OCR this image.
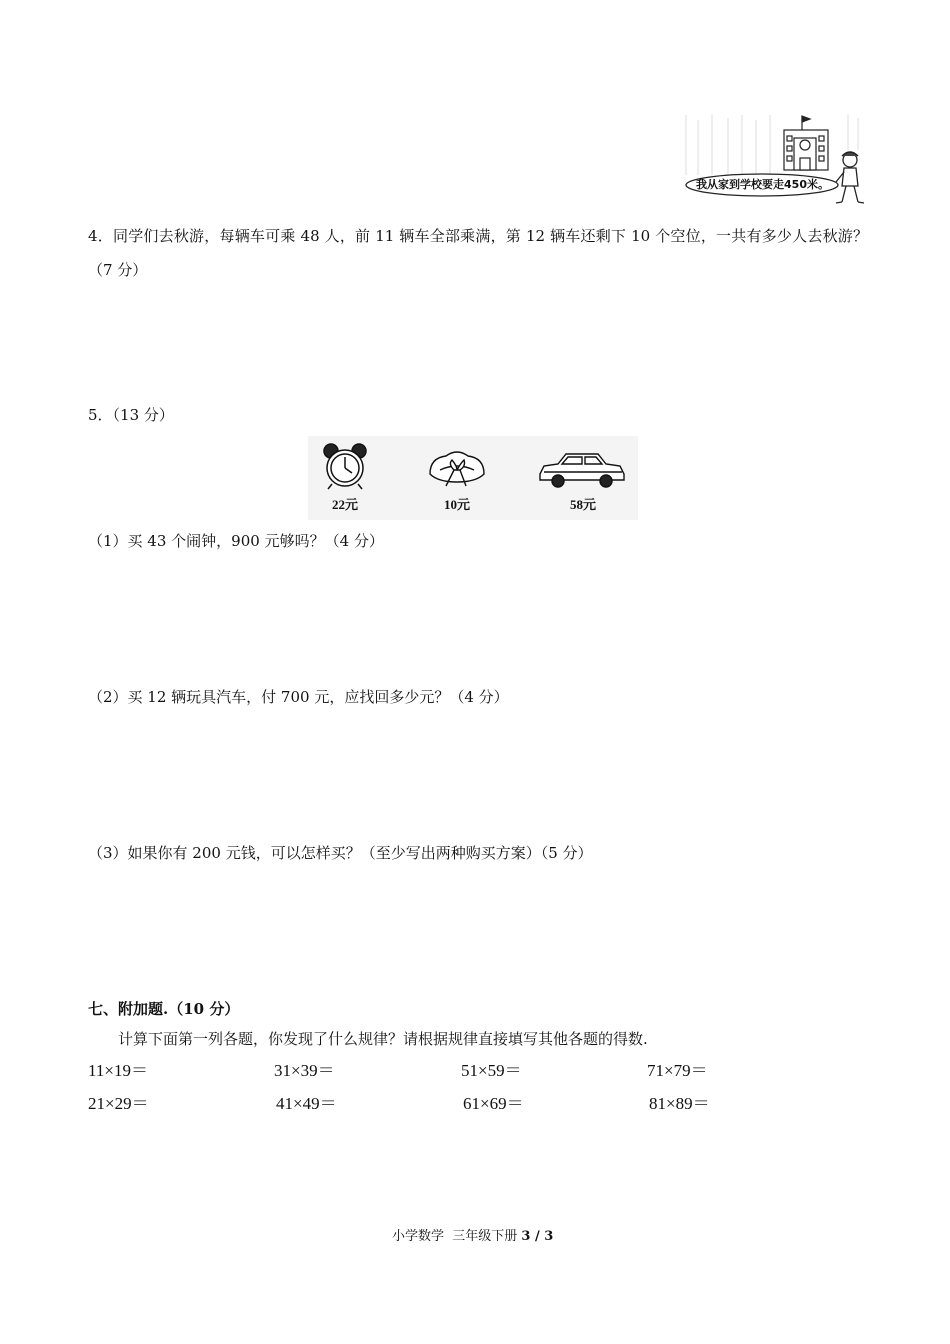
我从家到学校要走450米。
4．同学们去秋游，每辆车可乘 48 人，前 11 辆车全部乘满，第 12 辆车还剩下 10 个空位，一共有多少人去秋游？（7 分）
5．（13 分）
22元	10元	58元
（1）买 43 个闹钟，900 元够吗？（4 分）
（2）买 12 辆玩具汽车，付 700 元，应找回多少元？（4 分）
（3）如果你有 200 元钱，可以怎样买？（至少写出两种购买方案）（5 分）
七、附加题.（10 分）
计算下面第一列各题，你发现了什么规律？请根据规律直接填写其他各题的得数.
11×19＝	31×39＝	51×59＝	71×79＝
21×29＝	41×49＝	61×69＝	81×89＝
小学数学  三年级下册 3 / 3
